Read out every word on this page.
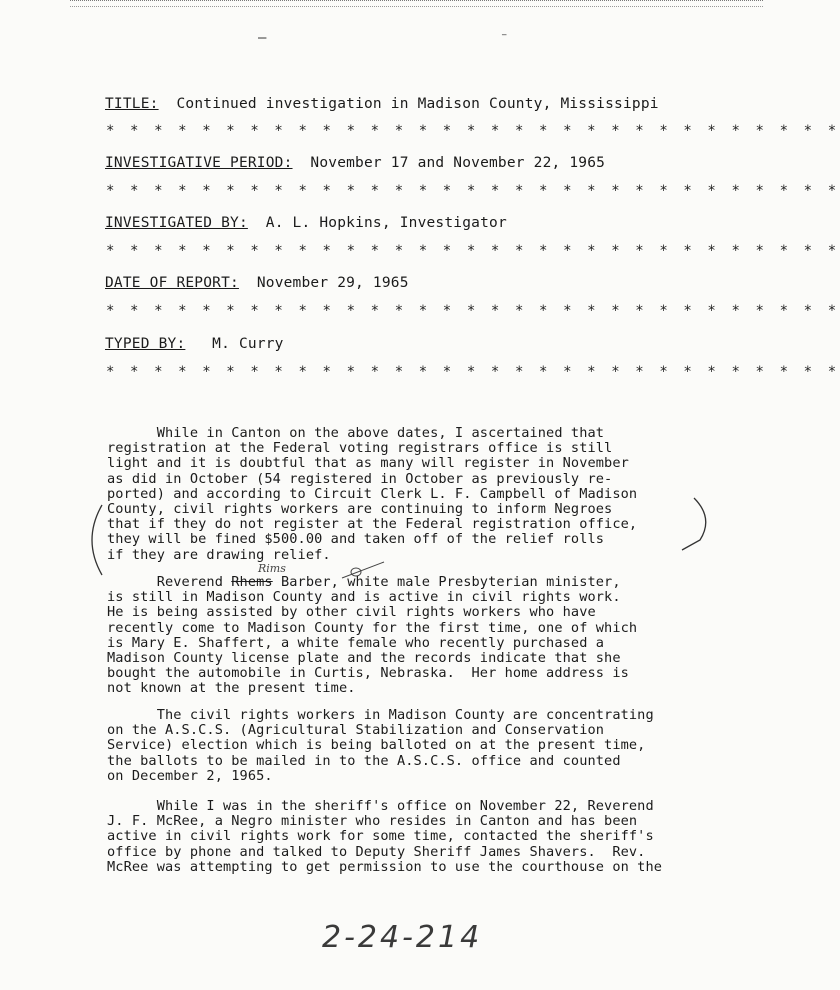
–	⁻
TITLE: Continued investigation in Madison County, Mississippi
* * * * * * * * * * * * * * * * * * * * * * * * * * * * * * *
INVESTIGATIVE PERIOD: November 17 and November 22, 1965
* * * * * * * * * * * * * * * * * * * * * * * * * * * * * * *
INVESTIGATED BY: A. L. Hopkins, Investigator
* * * * * * * * * * * * * * * * * * * * * * * * * * * * * * *
DATE OF REPORT: November 29, 1965
* * * * * * * * * * * * * * * * * * * * * * * * * * * * * * *
TYPED BY: M. Curry
* * * * * * * * * * * * * * * * * * * * * * * * * * * * * * *
While in Canton on the above dates, I ascertained that
registration at the Federal voting registrars office is still
light and it is doubtful that as many will register in November
as did in October (54 registered in October as previously re-
ported) and according to Circuit Clerk L. F. Campbell of Madison
County, civil rights workers are continuing to inform Negroes
that if they do not register at the Federal registration office,
they will be fined $500.00 and taken off of the relief rolls
if they are drawing relief.
Rims
Reverend Rhems Barber, white male Presbyterian minister,
is still in Madison County and is active in civil rights work.
He is being assisted by other civil rights workers who have
recently come to Madison County for the first time, one of which
is Mary E. Shaffert, a white female who recently purchased a
Madison County license plate and the records indicate that she
bought the automobile in Curtis, Nebraska.  Her home address is
not known at the present time.
The civil rights workers in Madison County are concentrating
on the A.S.C.S. (Agricultural Stabilization and Conservation
Service) election which is being balloted on at the present time,
the ballots to be mailed in to the A.S.C.S. office and counted
on December 2, 1965.
While I was in the sheriff's office on November 22, Reverend
J. F. McRee, a Negro minister who resides in Canton and has been
active in civil rights work for some time, contacted the sheriff's
office by phone and talked to Deputy Sheriff James Shavers.  Rev.
McRee was attempting to get permission to use the courthouse on the
2-24-214
